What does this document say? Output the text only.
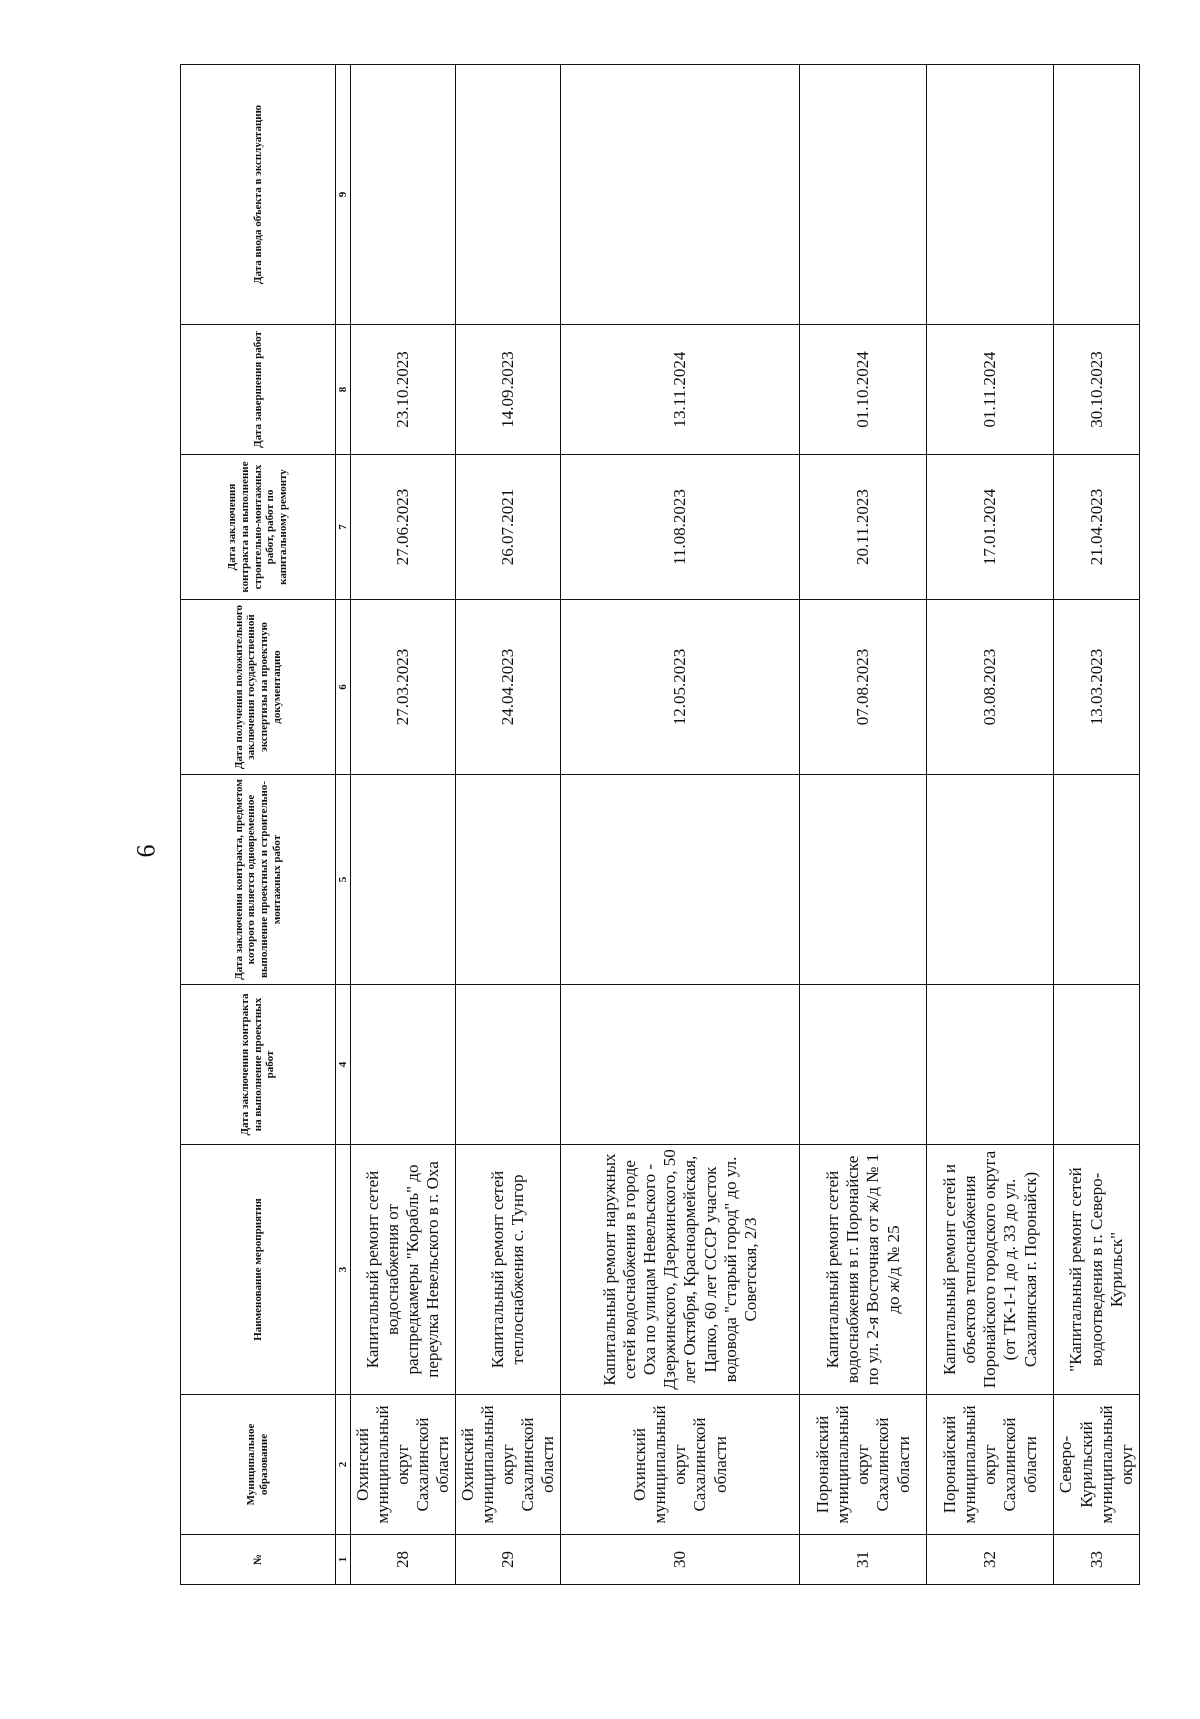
6
№	Муниципальное образование	Наименование мероприятия	Дата заключения контракта на выполнение проектных работ	Дата заключения контракта, предметом которого является одновременное выполнение проектных и строительно-монтажных работ	Дата получения положительного заключения государственной экспертизы на проектную документацию	Дата заключения контракта на выполнение строительно-монтажных работ, работ по капитальному ремонту	Дата завершения работ	Дата ввода объекта в эксплуатацию
1	2	3	4	5	6	7	8	9
28	Охинский муниципальный округ Сахалинской области	Капитальный ремонт сетей водоснабжения от распредкамеры "Корабль" до переулка Невельского в г. Оха			27.03.2023	27.06.2023	23.10.2023	
29	Охинский муниципальный округ Сахалинской области	Капитальный ремонт сетей теплоснабжения с. Тунгор			24.04.2023	26.07.2021	14.09.2023	
30	Охинский муниципальный округ Сахалинской области	Капитальный ремонт наружных сетей водоснабжения в городе Оха по улицам Невельского - Дзержинского, Дзержинского, 50 лет Октября, Красноармейская, Цапко, 60 лет СССР участок водовода "старый город" до ул. Советская, 2/3			12.05.2023	11.08.2023	13.11.2024	
31	Поронайский муниципальный округ Сахалинской области	Капитальный ремонт сетей водоснабжения в г. Поронайске по ул. 2-я Восточная от ж/д № 1 до ж/д № 25			07.08.2023	20.11.2023	01.10.2024	
32	Поронайский муниципальный округ Сахалинской области	Капитальный ремонт сетей и объектов теплоснабжения Поронайского городского округа (от ТК-1-1 до д. 33 до ул. Сахалинская г. Поронайск)			03.08.2023	17.01.2024	01.11.2024	
33	Северо-Курильский муниципальный округ	"Капитальный ремонт сетей водоотведения в г. Северо-Курильск"			13.03.2023	21.04.2023	30.10.2023	
